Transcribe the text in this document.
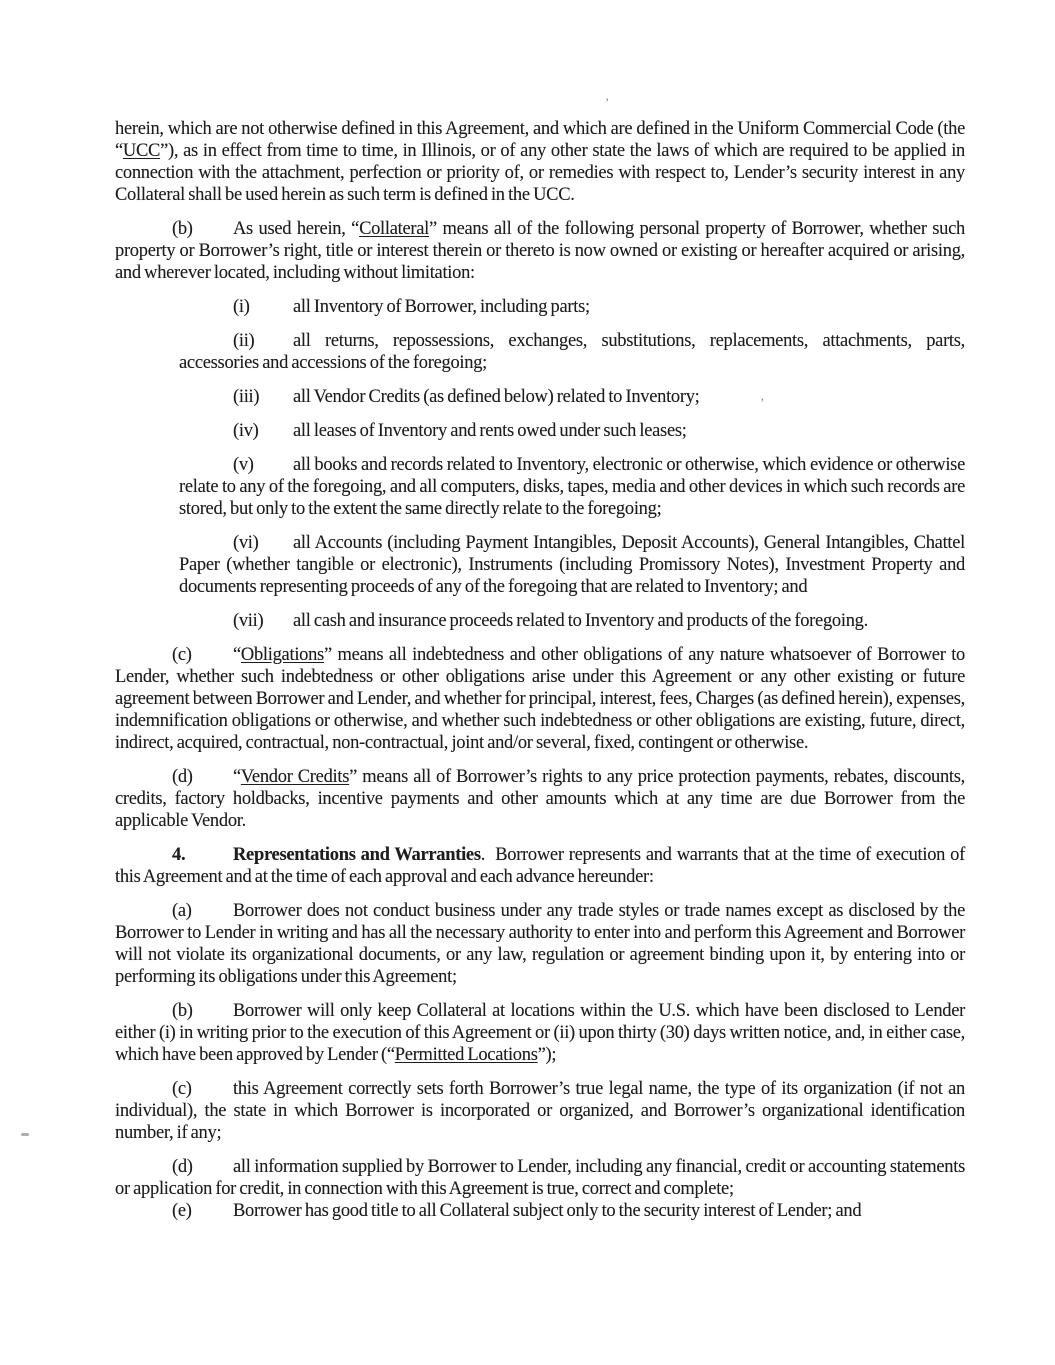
herein, which are not otherwise defined in this Agreement, and which are defined in the Uniform Commercial Code (the “UCC”), as in effect from time to time, in Illinois, or of any other state the laws of which are required to be applied in connection with the attachment, perfection or priority of, or remedies with respect to, Lender’s security interest in any Collateral shall be used herein as such term is defined in the UCC.

(b) As used herein, “Collateral” means all of the following personal property of Borrower, whether such property or Borrower’s right, title or interest therein or thereto is now owned or existing or hereafter acquired or arising, and wherever located, including without limitation:

(i) all Inventory of Borrower, including parts;

(ii) all returns, repossessions, exchanges, substitutions, replacements, attachments, parts, accessories and accessions of the foregoing;

(iii) all Vendor Credits (as defined below) related to Inventory;

(iv) all leases of Inventory and rents owed under such leases;

(v) all books and records related to Inventory, electronic or otherwise, which evidence or otherwise relate to any of the foregoing, and all computers, disks, tapes, media and other devices in which such records are stored, but only to the extent the same directly relate to the foregoing;

(vi) all Accounts (including Payment Intangibles, Deposit Accounts), General Intangibles, Chattel Paper (whether tangible or electronic), Instruments (including Promissory Notes), Investment Property and documents representing proceeds of any of the foregoing that are related to Inventory; and

(vii) all cash and insurance proceeds related to Inventory and products of the foregoing.

(c) “Obligations” means all indebtedness and other obligations of any nature whatsoever of Borrower to Lender, whether such indebtedness or other obligations arise under this Agreement or any other existing or future agreement between Borrower and Lender, and whether for principal, interest, fees, Charges (as defined herein), expenses, indemnification obligations or otherwise, and whether such indebtedness or other obligations are existing, future, direct, indirect, acquired, contractual, non-contractual, joint and/or several, fixed, contingent or otherwise.

(d) “Vendor Credits” means all of Borrower’s rights to any price protection payments, rebates, discounts, credits, factory holdbacks, incentive payments and other amounts which at any time are due Borrower from the applicable Vendor.

4.	Representations and Warranties.  Borrower represents and warrants that at the time of execution of this Agreement and at the time of each approval and each advance hereunder:

(a) Borrower does not conduct business under any trade styles or trade names except as disclosed by the Borrower to Lender in writing and has all the necessary authority to enter into and perform this Agreement and Borrower will not violate its organizational documents, or any law, regulation or agreement binding upon it, by entering into or performing its obligations under this Agreement;

(b) Borrower will only keep Collateral at locations within the U.S. which have been disclosed to Lender either (i) in writing prior to the execution of this Agreement or (ii) upon thirty (30) days written notice, and, in either case, which have been approved by Lender (“Permitted Locations”);

(c) this Agreement correctly sets forth Borrower’s true legal name, the type of its organization (if not an individual), the state in which Borrower is incorporated or organized, and Borrower’s organizational identification number, if any;

(d) all information supplied by Borrower to Lender, including any financial, credit or accounting statements or application for credit, in connection with this Agreement is true, correct and complete;

(e) Borrower has good title to all Collateral subject only to the security interest of Lender; and

’
’
